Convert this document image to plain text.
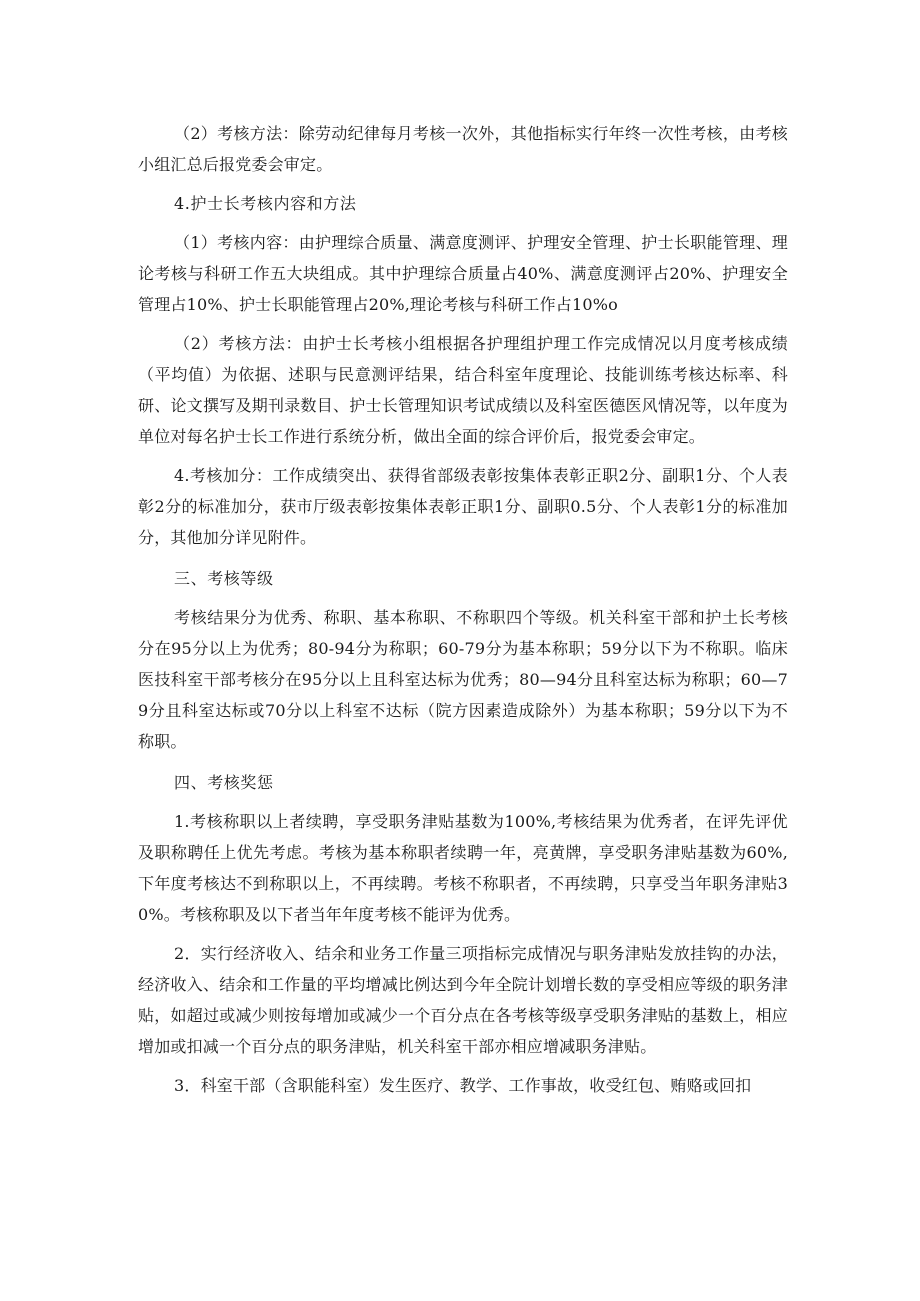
（2）考核方法：除劳动纪律每月考核一次外，其他指标实行年终一次性考核，由考核小组汇总后报党委会审定。

4.护士长考核内容和方法

（1）考核内容：由护理综合质量、满意度测评、护理安全管理、护士长职能管理、理论考核与科研工作五大块组成。其中护理综合质量占40%、满意度测评占20%、护理安全管理占10%、护士长职能管理占20%,理论考核与科研工作占10%o

（2）考核方法：由护士长考核小组根据各护理组护理工作完成情况以月度考核成绩（平均值）为依据、述职与民意测评结果，结合科室年度理论、技能训练考核达标率、科研、论文撰写及期刊录数目、护士长管理知识考试成绩以及科室医德医风情况等，以年度为单位对每名护士长工作进行系统分析，做出全面的综合评价后，报党委会审定。

4.考核加分：工作成绩突出、获得省部级表彰按集体表彰正职2分、副职1分、个人表彰2分的标准加分，获市厅级表彰按集体表彰正职1分、副职0.5分、个人表彰1分的标准加分，其他加分详见附件。

三、考核等级

考核结果分为优秀、称职、基本称职、不称职四个等级。机关科室干部和护土长考核分在95分以上为优秀；80-94分为称职；60-79分为基本称职；59分以下为不称职。临床医技科室干部考核分在95分以上且科室达标为优秀；80—94分且科室达标为称职；60—79分且科室达标或70分以上科室不达标（院方因素造成除外）为基本称职；59分以下为不称职。

四、考核奖惩

1.考核称职以上者续聘，享受职务津贴基数为100%,考核结果为优秀者，在评先评优及职称聘任上优先考虑。考核为基本称职者续聘一年，亮黄牌，享受职务津贴基数为60%,下年度考核达不到称职以上，不再续聘。考核不称职者，不再续聘，只享受当年职务津贴30%。考核称职及以下者当年年度考核不能评为优秀。

2．实行经济收入、结余和业务工作量三项指标完成情况与职务津贴发放挂钩的办法，经济收入、结余和工作量的平均增减比例达到今年全院计划增长数的享受相应等级的职务津贴，如超过或减少则按每增加或减少一个百分点在各考核等级享受职务津贴的基数上，相应增加或扣减一个百分点的职务津贴，机关科室干部亦相应增减职务津贴。

3．科室干部（含职能科室）发生医疗、教学、工作事故，收受红包、贿赂或回扣
